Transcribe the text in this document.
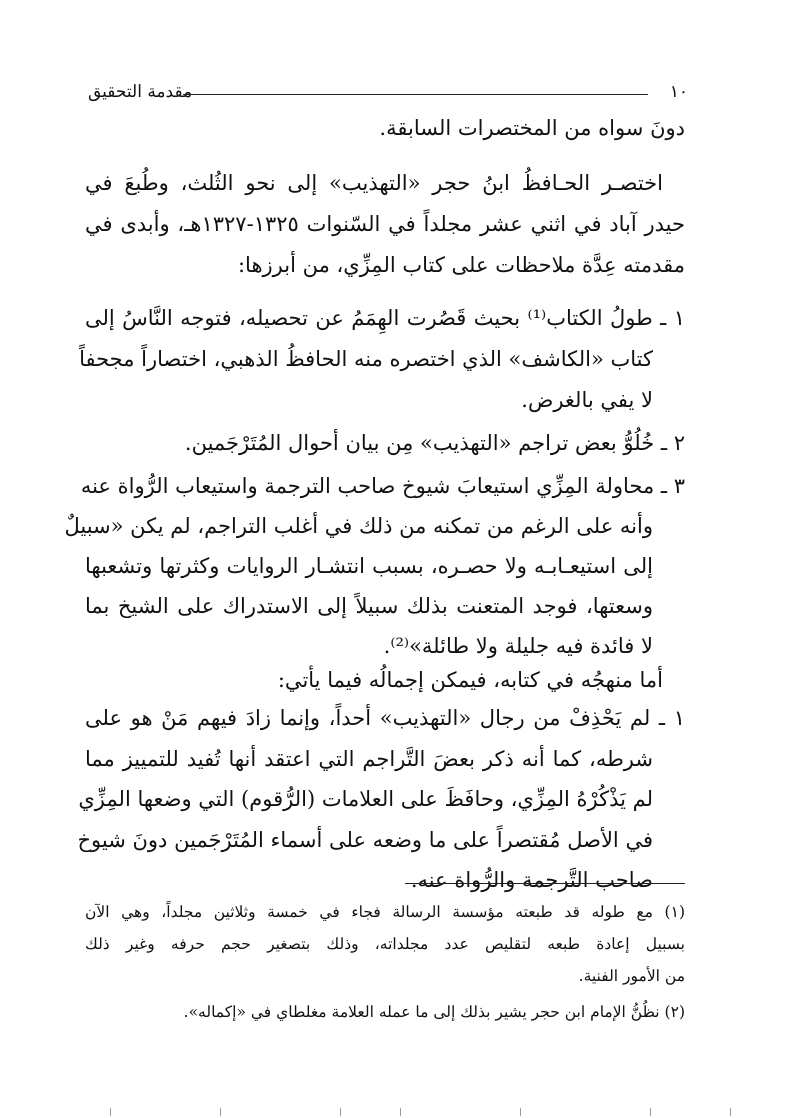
١٠
مقدمة التحقيق
دونَ سواه من المختصرات السابقة.
اختصـر الحـافظُ ابنُ حجر «التهذيب» إلى نحو الثُلث، وطُبعَ في
حيدر آباد في اثني عشر مجلداً في السّنوات ١٣٢٥-١٣٢٧هـ، وأبدى في
مقدمته عِدَّة ملاحظات على كتاب المِزِّي، من أبرزها:
١ ـ طولُ الكتاب⁽¹⁾ بحيث قَصُرت الهِمَمُ عن تحصيله، فتوجه النَّاسُ إلى
كتاب «الكاشف» الذي اختصره منه الحافظُ الذهبي، اختصاراً مجحفاً
لا يفي بالغرض.
٢ ـ خُلُوُّ بعض تراجم «التهذيب» مِن بيان أحوال المُتَرْجَمين.
٣ ـ محاولة المِزِّي استيعابَ شيوخ صاحب الترجمة واستيعاب الرُّواة عنه
وأنه على الرغم من تمكنه من ذلك في أغلب التراجم، لم يكن «سبيلٌ
إلى استيعـابـه ولا حصـره، بسبب انتشـار الروايات وكثرتها وتشعبها
وسعتها، فوجد المتعنت بذلك سبيلاً إلى الاستدراك على الشيخ بما
لا فائدة فيه جليلة ولا طائلة»⁽²⁾.
أما منهجُه في كتابه، فيمكن إجمالُه فيما يأتي:
١ ـ لم يَحْذِفْ من رجال «التهذيب» أحداً، وإنما زادَ فيهم مَنْ هو على
شرطه، كما أنه ذكر بعضَ التَّراجم التي اعتقد أنها تُفيد للتمييز مما
لم يَذْكُرْهُ المِزِّي، وحافَظَ على العلامات (الرُّقوم) التي وضعها المِزِّي
في الأصل مُقتصراً على ما وضعه على أسماء المُتَرْجَمين دونَ شيوخ
صاحب التَّرجمة والرُّواة عنه.
(١) مع طوله قد طبعته مؤسسة الرسالة فجاء في خمسة وثلاثين مجلداً، وهي الآن
بسبيل إعادة طبعه لتقليص عدد مجلداته، وذلك بتصغير حجم حرفه وغير ذلك
من الأمور الفنية.
(٢) نظُنُّ الإمام ابن حجر يشير بذلك إلى ما عمله العلامة مغلطاي في «إكماله».
